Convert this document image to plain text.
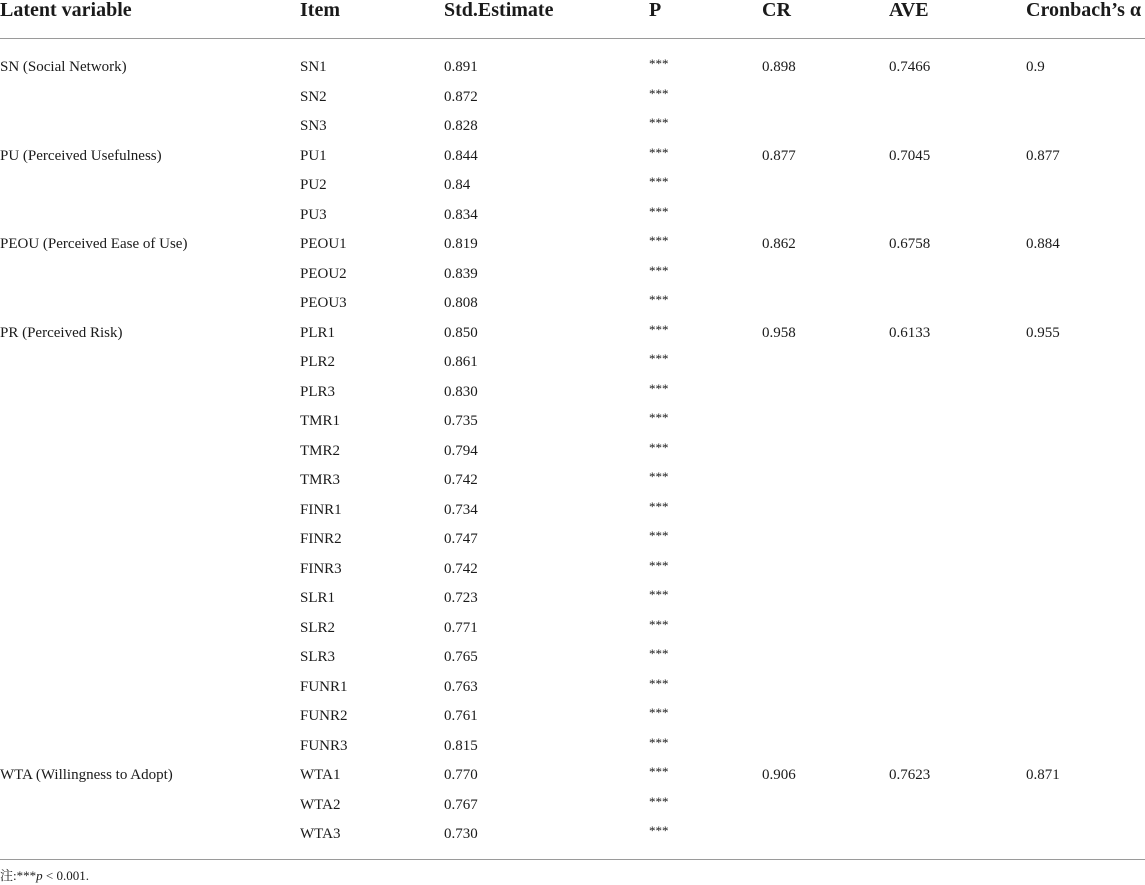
Latent variable	Item	Std.Estimate	P	CR	AVE	Cronbach’s α
SN (Social Network)	SN1	0.891	***	0.898	0.7466	0.9
SN2	0.872	***
SN3	0.828	***
PU (Perceived Usefulness)	PU1	0.844	***	0.877	0.7045	0.877
PU2	0.84	***
PU3	0.834	***
PEOU (Perceived Ease of Use)	PEOU1	0.819	***	0.862	0.6758	0.884
PEOU2	0.839	***
PEOU3	0.808	***
PR (Perceived Risk)	PLR1	0.850	***	0.958	0.6133	0.955
PLR2	0.861	***
PLR3	0.830	***
TMR1	0.735	***
TMR2	0.794	***
TMR3	0.742	***
FINR1	0.734	***
FINR2	0.747	***
FINR3	0.742	***
SLR1	0.723	***
SLR2	0.771	***
SLR3	0.765	***
FUNR1	0.763	***
FUNR2	0.761	***
FUNR3	0.815	***
WTA (Willingness to Adopt)	WTA1	0.770	***	0.906	0.7623	0.871
WTA2	0.767	***
WTA3	0.730	***
注:***p < 0.001.
